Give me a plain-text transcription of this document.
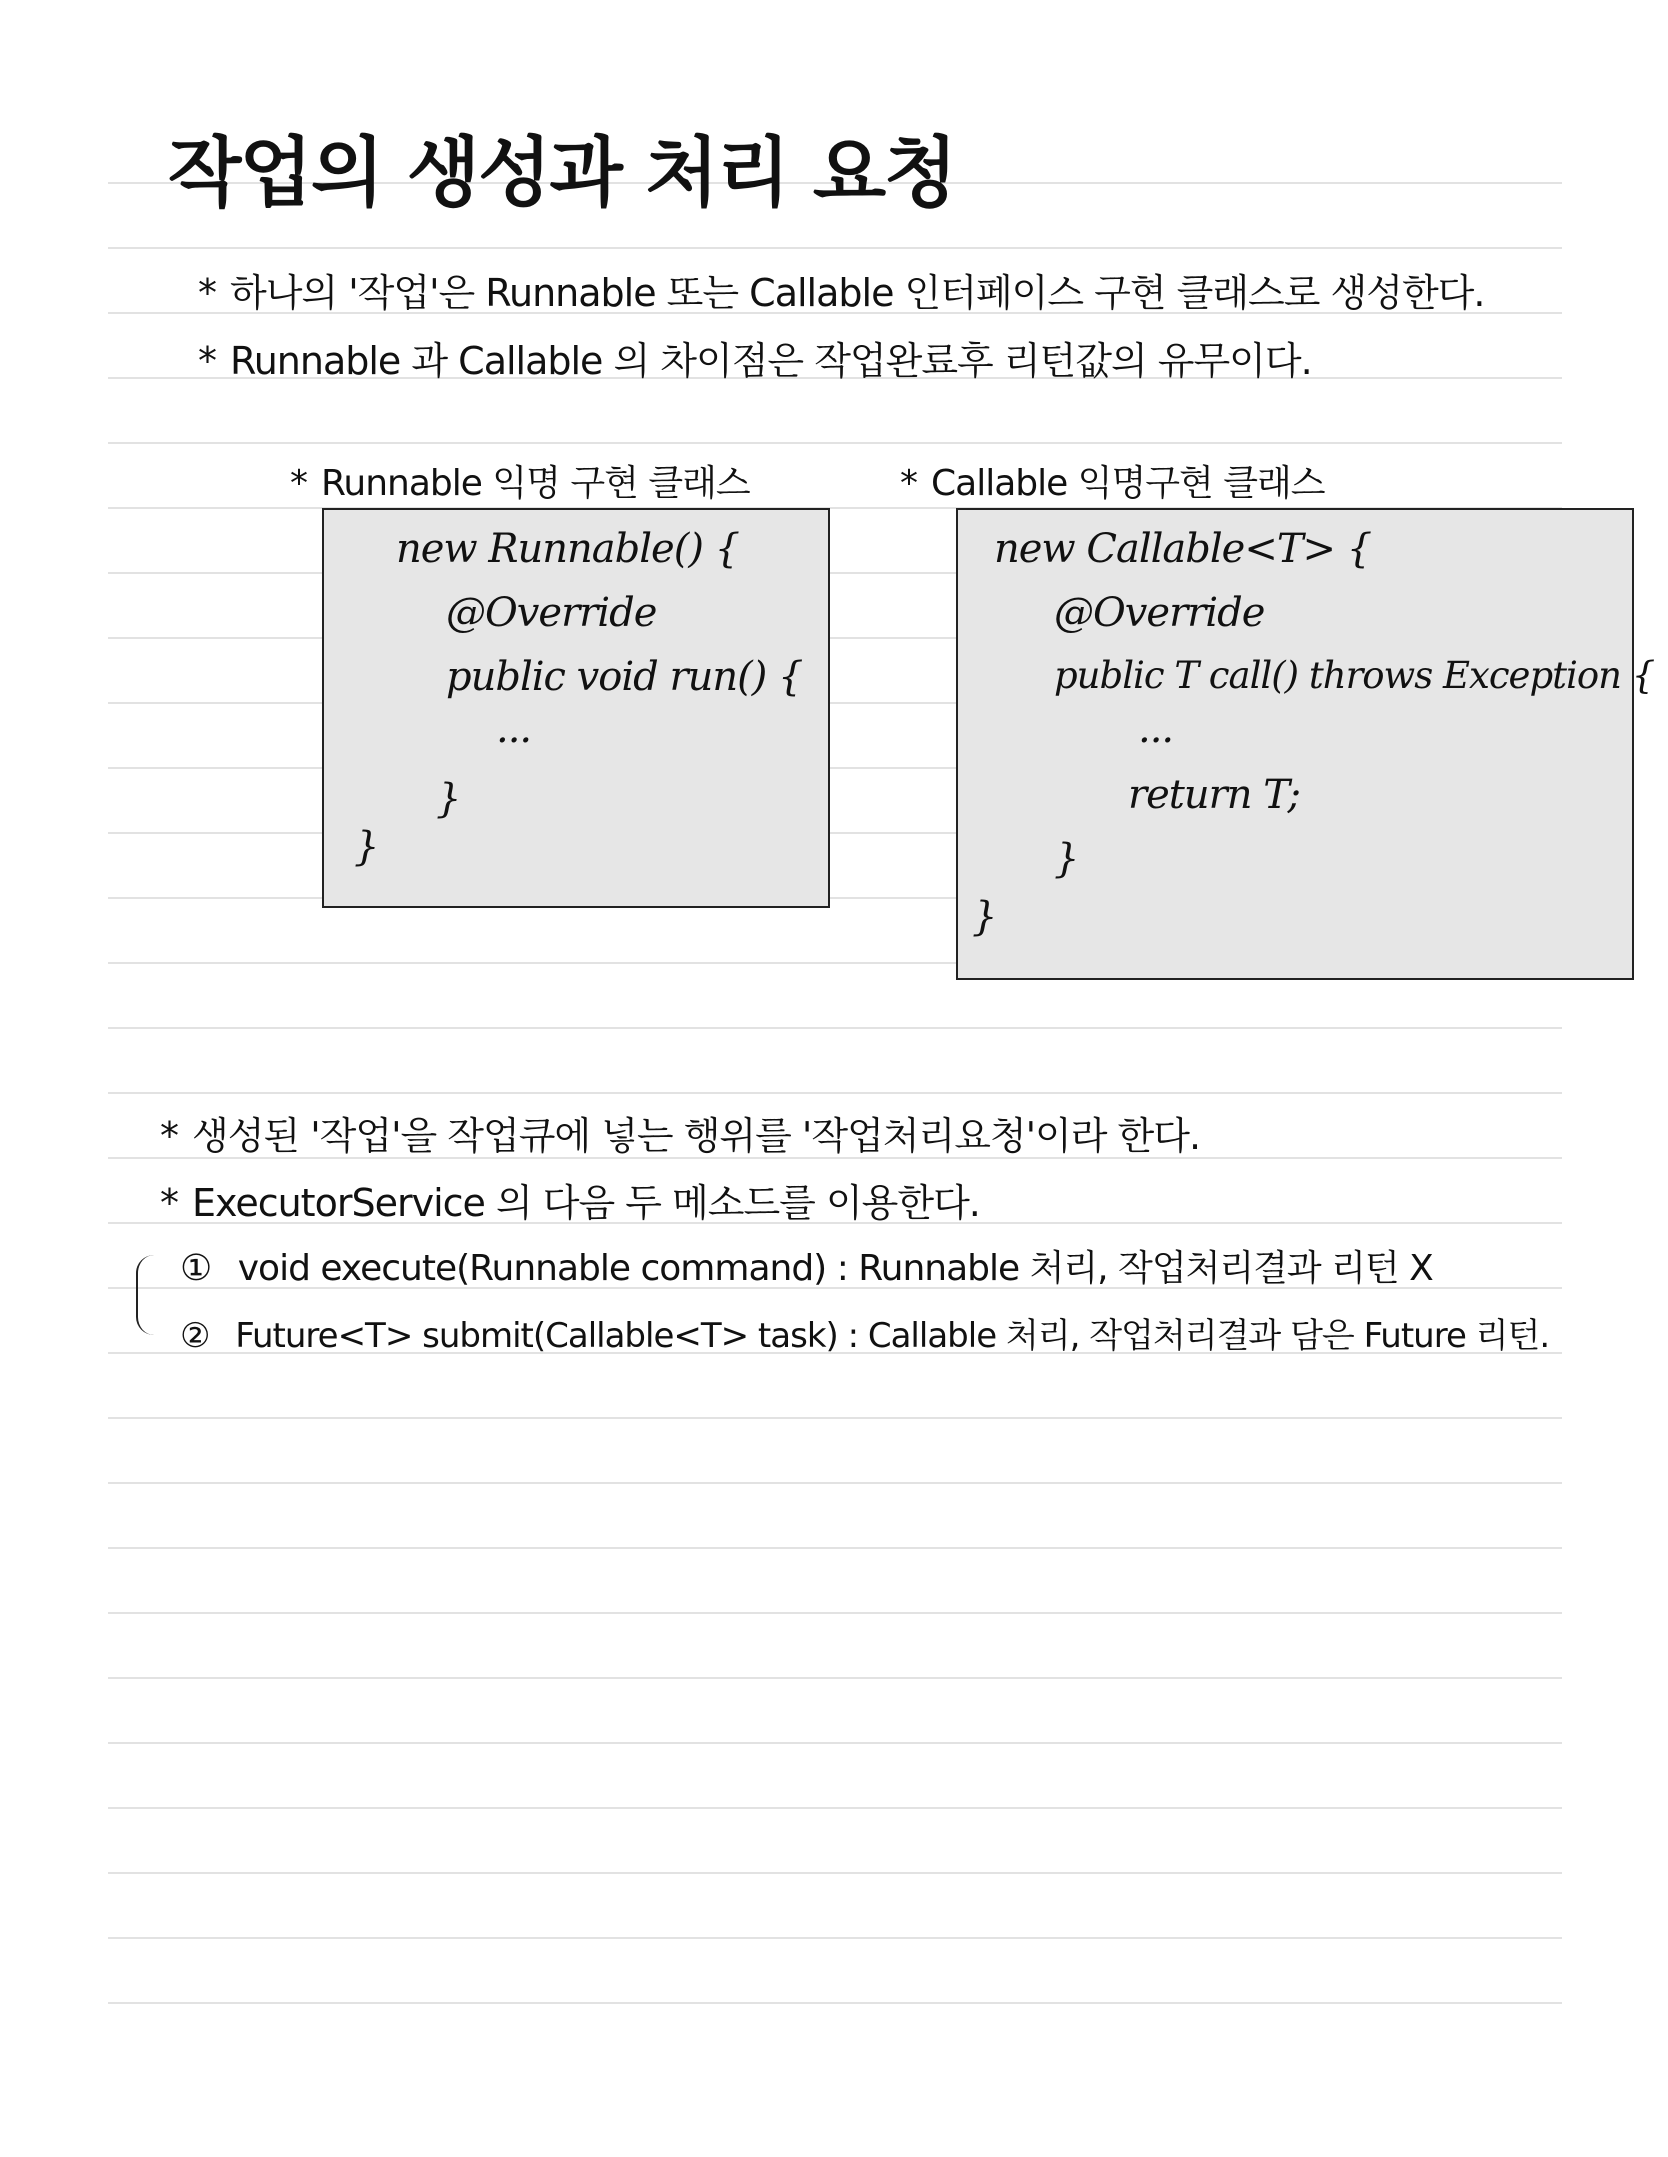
작업의 생성과 처리 요청
* 하나의 '작업'은 Runnable 또는 Callable 인터페이스 구현 클래스로 생성한다.
* Runnable 과 Callable 의 차이점은 작업완료후 리턴값의 유무이다.
* Runnable 익명 구현 클래스
new Runnable() {
@Override
public void run() {
...
}
}
* Callable 익명구현 클래스
new Callable<T> {
@Override
public T call() throws Exception {
...
return T;
}
}
* 생성된 '작업'을 작업큐에 넣는 행위를 '작업처리요청'이라 한다.
* ExecutorService 의 다음 두 메소드를 이용한다.
① void execute(Runnable command) : Runnable 처리, 작업처리결과 리턴 X
② Future<T> submit(Callable<T> task) : Callable 처리, 작업처리결과 담은 Future 리턴.
